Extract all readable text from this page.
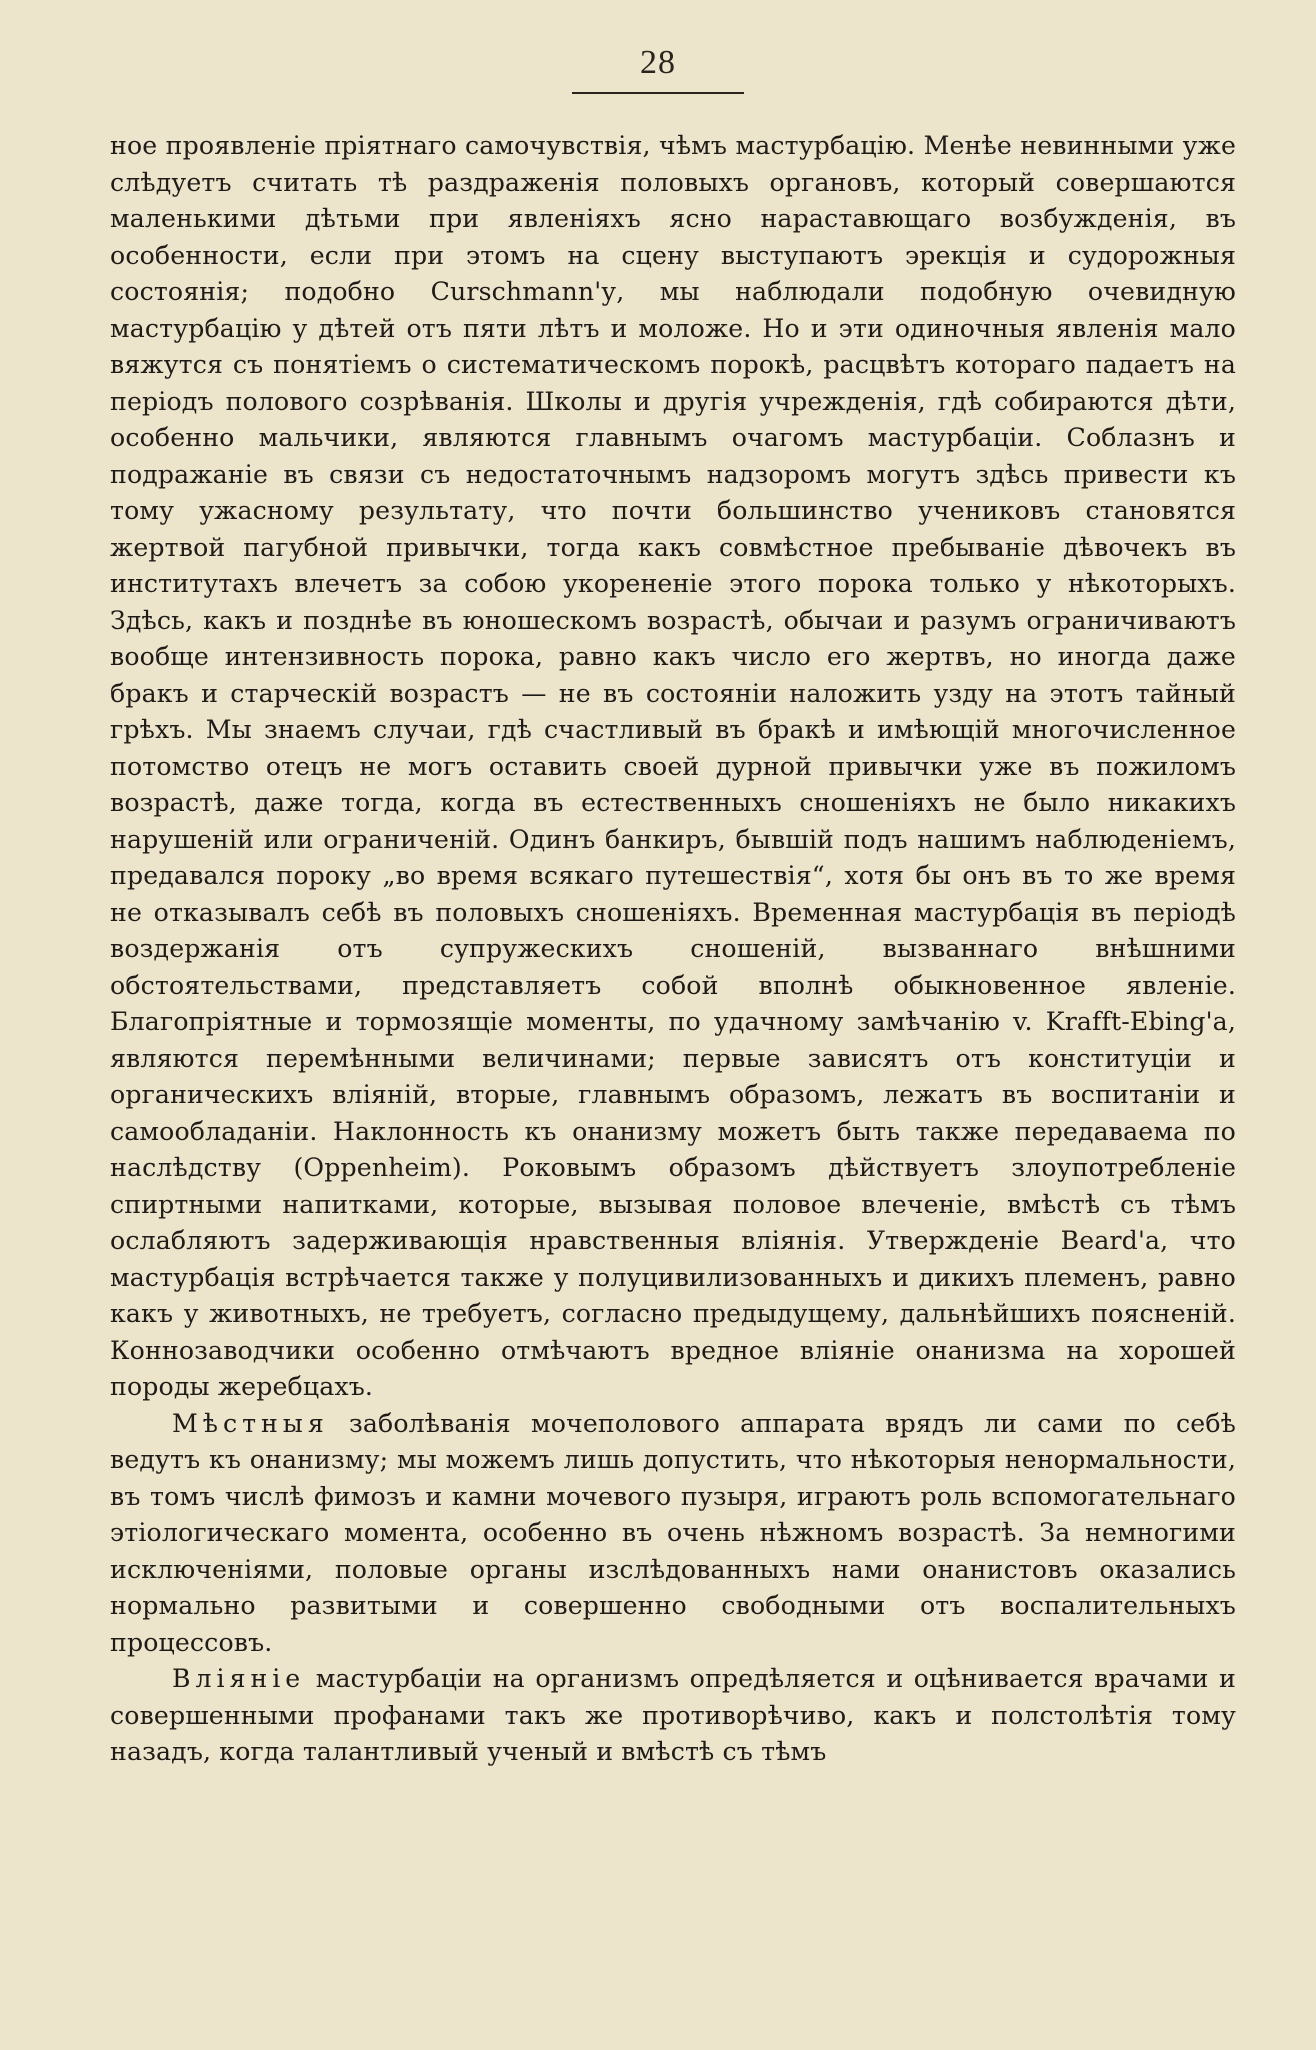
28

ное проявленіе пріятнаго самочувствія, чѣмъ мастурбацію. Менѣе невинными уже слѣдуетъ считать тѣ раздраженія половыхъ органовъ, который совершаются маленькими дѣтьми при явленіяхъ ясно нараставющаго возбужденія, въ особенности, если при этомъ на сцену выступаютъ эрекція и судорожныя состоянія; подобно Curschmann'у, мы наблюдали подобную очевидную мастурбацію у дѣтей отъ пяти лѣтъ и моложе. Но и эти одиночныя явленія мало вяжутся съ понятіемъ о систематическомъ порокѣ, расцвѣтъ котораго падаетъ на періодъ полового созрѣванія. Школы и другія учрежденія, гдѣ собираются дѣти, особенно мальчики, являются главнымъ очагомъ мастурбаціи. Соблазнъ и подражаніе въ связи съ недостаточнымъ надзоромъ могутъ здѣсь привести къ тому ужасному результату, что почти большинство учениковъ становятся жертвой пагубной привычки, тогда какъ совмѣстное пребываніе дѣвочекъ въ институтахъ влечетъ за собою укорененіе этого порока только у нѣкоторыхъ. Здѣсь, какъ и позднѣе въ юношескомъ возрастѣ, обычаи и разумъ ограничиваютъ вообще интензивность порока, равно какъ число его жертвъ, но иногда даже бракъ и старческій возрастъ — не въ состояніи наложить узду на этотъ тайный грѣхъ. Мы знаемъ случаи, гдѣ счастливый въ бракѣ и имѣющій многочисленное потомство отецъ не могъ оставить своей дурной привычки уже въ пожиломъ возрастѣ, даже тогда, когда въ естественныхъ сношеніяхъ не было никакихъ нарушеній или ограниченій. Одинъ банкиръ, бывшій подъ нашимъ наблюденіемъ, предавался пороку „во время всякаго путешествія“, хотя бы онъ въ то же время не отказывалъ себѣ въ половыхъ сношеніяхъ. Временная мастурбація въ періодѣ воздержанія отъ супружескихъ сношеній, вызваннаго внѣшними обстоятельствами, представляетъ собой вполнѣ обыкновенное явленіе. Благопріятные и тормозящіе моменты, по удачному замѣчанію v. Krafft-Ebing'а, являются перемѣнными величинами; первые зависятъ отъ конституціи и органическихъ вліяній, вторые, главнымъ образомъ, лежатъ въ воспитаніи и самообладаніи. Наклонность къ онанизму можетъ быть также передаваема по наслѣдству (Oppenheim). Роковымъ образомъ дѣйствуетъ злоупотребленіе спиртными напитками, которые, вызывая половое влеченіе, вмѣстѣ съ тѣмъ ослабляютъ задерживающія нравственныя вліянія. Утвержденіе Beard'а, что мастурбація встрѣчается также у полуцивилизованныхъ и дикихъ племенъ, равно какъ у животныхъ, не требуетъ, согласно предыдущему, дальнѣйшихъ поясненій. Коннозаводчики особенно отмѣчаютъ вредное вліяніе онанизма на хорошей породы жеребцахъ.

Мѣстныя заболѣванія мочеполового аппарата врядъ ли сами по себѣ ведутъ къ онанизму; мы можемъ лишь допустить, что нѣкоторыя ненормальности, въ томъ числѣ фимозъ и камни мочевого пузыря, играютъ роль вспомогательнаго этіологическаго момента, особенно въ очень нѣжномъ возрастѣ. За немногими исключеніями, половые органы изслѣдованныхъ нами онанистовъ оказались нормально развитыми и совершенно свободными отъ воспалительныхъ процессовъ.

Вліяніе мастурбаціи на организмъ опредѣляется и оцѣнивается врачами и совершенными профанами такъ же противорѣчиво, какъ и полстолѣтія тому назадъ, когда талантливый ученый и вмѣстѣ съ тѣмъ
